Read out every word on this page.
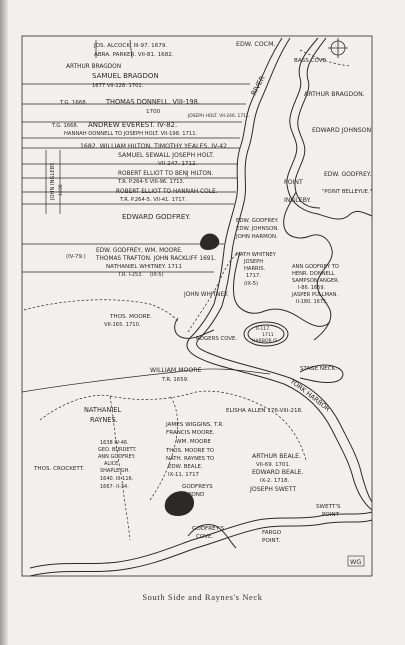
WG
EDW. COCM.
JOS. ALCOCK. III-97. 1679.
ABRA. PARKER. VII-81. 1682.
BASS COVE
ARTHUR BRAGDON
SAMUEL BRAGDON
1677 VII-128. 1701.	RIVER	ARTHUR BRAGDON.
T.G. 1668.	THOMAS DONNELL. VIII-198.
1700
JOSEPH HOLT. VII-246. 1711.
T.G. 1668. ANDREW EVEREST. IV-82.
HANNAH DONNELL TO JOSEPH HOLT. VII-198. 1711.	EDWARD JOHNSON.
1682. WILLIAM HILTON. TIMOTHY YEALES. IV-42.
SAMUEL SEWALL JOSEPH HOLT.
VII-247. 1712.
JOHN INGLEBY. 1638
ROBERT ELLIOT TO BENJ HILTON.
T.R. P.264-5 VIII-96. 1713.
EDW. GODFREY.
"POINT BELLEYUE."
POINT
ROBERT ELLIOT TO HANNAH COLE.
T.R. P.264-5. VII-41. 1717.	INGLEBY.
EDWARD GODFREY.	EDW. GODFREY.
EDW. JOHNSON.
JOHN HARMON.
ANN GODFREY TO
HENR. DONNELL
SAMPSON ANGER.
I-86. 1659.
JASPER PULLMAN.
II-180. 1675.
EDW. GODFREY, WM. MOORE.
THOMAS TRAFTON. JOHN RACKLIFF 1691.
NATHANIEL WHITNEY. 1711
(IV-79.)
T.R. I-253. (IX-5)
NATH WHITNEY
JOSEPH
HARRIS.
1717.
(IX-5)
JOHN WHITNEY.
THOS. MOORE.
VII-165. 1710.
ROGERS COVE.
II-117.
1711
HARBOR IS.
WILLIAM MOORE
T.R. 1659.
STAGE NECK.
YORK HARBOR
ELISHA ALLEN 176-VIII-218.
NATHANIEL
RAYNES.
JAMES WIGGINS, T.R.
FRANCIS MOORE.
WM. MOORE
THOS. MOORE TO
NATH. RAYNES TO
EDW. BEALE.
IX-11, 1717
1638 IV-46.
GEO. BURDETT.
ANN GODFREY.
ALICE
SHAPLEIGH.
1640. III-116.
1667- II-34.
THOS. CROCKETT.
ARTHUR BEALE.
VII-69. 1701.
EDWARD BEALE.
IX-2. 1718.
JOSEPH SWETT
GODFREYS
POND
SWETT'S
POINT
GODFREY'S
COVE.
FARGO
POINT.
South Side and Raynes's Neck
